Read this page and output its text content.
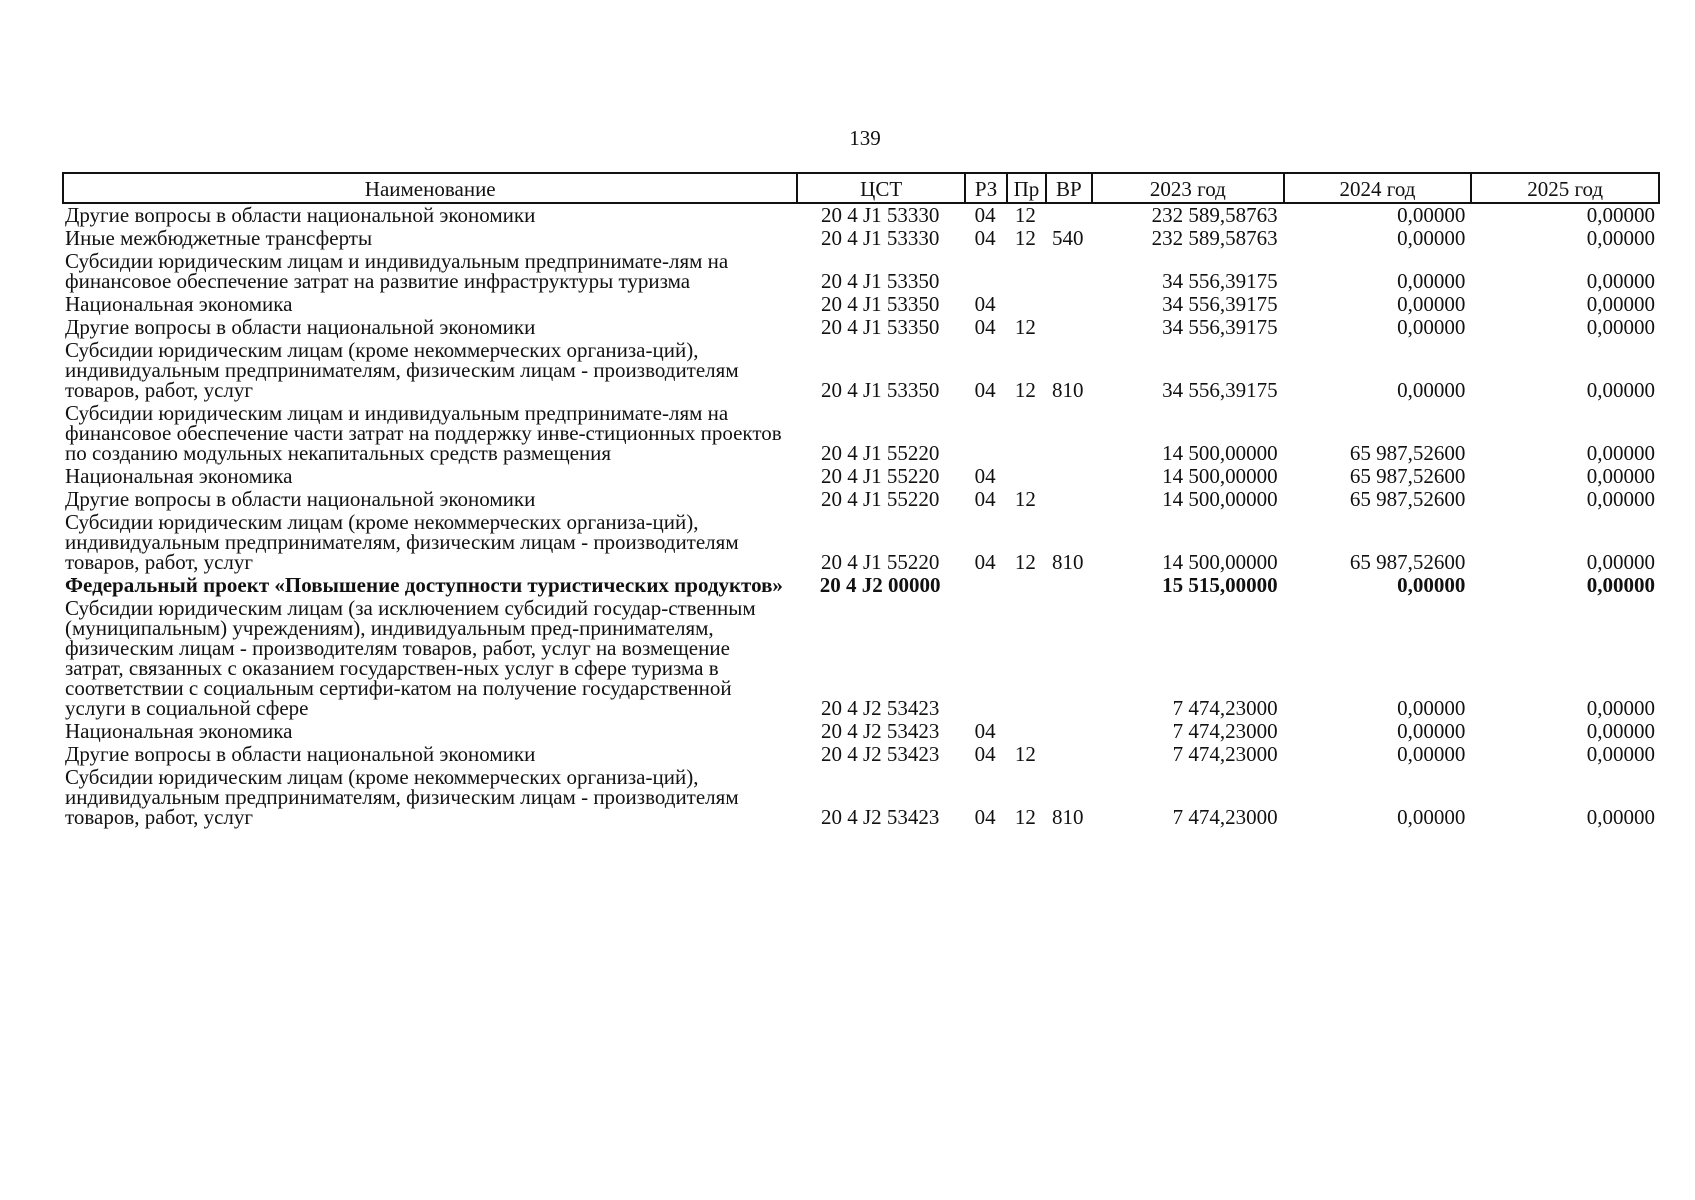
139
Наименование	ЦСТ	РЗ	Пр	ВР	2023 год	2024 год	2025 год
Другие вопросы в области национальной экономики	20 4 J1 53330	04	12		232 589,58763	0,00000	0,00000
Иные межбюджетные трансферты	20 4 J1 53330	04	12	540	232 589,58763	0,00000	0,00000
Субсидии юридическим лицам и индивидуальным предпринимате-лям на финансовое обеспечение затрат на развитие инфраструктуры туризма	20 4 J1 53350				34 556,39175	0,00000	0,00000
Национальная экономика	20 4 J1 53350	04			34 556,39175	0,00000	0,00000
Другие вопросы в области национальной экономики	20 4 J1 53350	04	12		34 556,39175	0,00000	0,00000
Субсидии юридическим лицам (кроме некоммерческих организа-ций), индивидуальным предпринимателям, физическим лицам - производителям товаров, работ, услуг	20 4 J1 53350	04	12	810	34 556,39175	0,00000	0,00000
Субсидии юридическим лицам и индивидуальным предпринимате-лям на финансовое обеспечение части затрат на поддержку инве-стиционных проектов по созданию модульных некапитальных средств размещения	20 4 J1 55220				14 500,00000	65 987,52600	0,00000
Национальная экономика	20 4 J1 55220	04			14 500,00000	65 987,52600	0,00000
Другие вопросы в области национальной экономики	20 4 J1 55220	04	12		14 500,00000	65 987,52600	0,00000
Субсидии юридическим лицам (кроме некоммерческих организа-ций), индивидуальным предпринимателям, физическим лицам - производителям товаров, работ, услуг	20 4 J1 55220	04	12	810	14 500,00000	65 987,52600	0,00000
Федеральный проект «Повышение доступности туристических продуктов»	20 4 J2 00000				15 515,00000	0,00000	0,00000
Субсидии юридическим лицам (за исключением субсидий государ-ственным (муниципальным) учреждениям), индивидуальным пред-принимателям, физическим лицам - производителям товаров, работ, услуг на возмещение затрат, связанных с оказанием государствен-ных услуг в сфере туризма в соответствии с социальным сертифи-катом на получение государственной услуги в социальной сфере	20 4 J2 53423				7 474,23000	0,00000	0,00000
Национальная экономика	20 4 J2 53423	04			7 474,23000	0,00000	0,00000
Другие вопросы в области национальной экономики	20 4 J2 53423	04	12		7 474,23000	0,00000	0,00000
Субсидии юридическим лицам (кроме некоммерческих организа-ций), индивидуальным предпринимателям, физическим лицам - производителям товаров, работ, услуг	20 4 J2 53423	04	12	810	7 474,23000	0,00000	0,00000
